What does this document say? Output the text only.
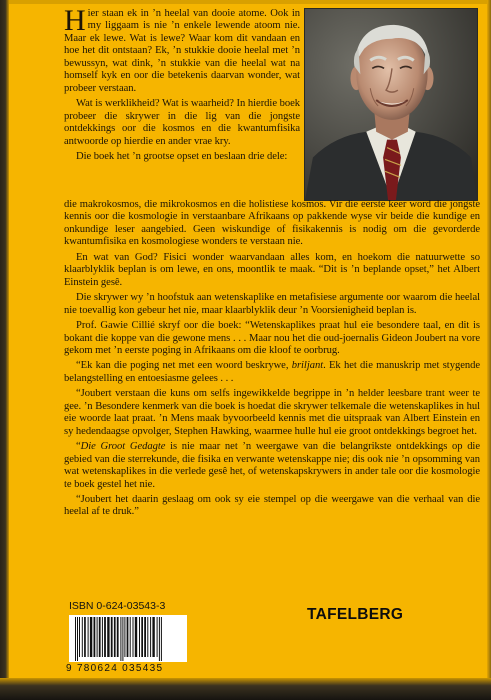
Hier staan ek in ’n heelal van dooie atome. Ook in my liggaam is nie ’n enkele lewende atoom nie. Maar ek lewe. Wat is lewe? Waar kom dit vandaan en hoe het dit ontstaan? Ek, ’n stukkie dooie heelal met ’n bewussyn, wat dink, ’n stukkie van die heelal wat na homself kyk en oor die betekenis daarvan wonder, wat probeer verstaan.

Wat is werklikheid? Wat is waarheid? In hierdie boek probeer die skrywer in die lig van die jongste ontdekkings oor die kosmos en die kwantumfisika antwoorde op hierdie en ander vrae kry.

Die boek het ’n grootse opset en beslaan drie dele:

die makrokosmos, die mikrokosmos en die holistiese kosmos. Vir die eerste keer word die jongste kennis oor die kosmologie in verstaanbare Afrikaans op pakkende wyse vir beide die kundige en onkundige leser aangebied. Geen wiskundige of fisikakennis is nodig om die gevorderde kwantumfisika en kosmologiese wonders te verstaan nie.

En wat van God? Fisici wonder waarvandaan alles kom, en hoekom die natuurwette so klaarblyklik beplan is om lewe, en ons, moontlik te maak. “Dit is ’n beplande opset,” het Albert Einstein gesê.

Die skrywer wy ’n hoofstuk aan wetenskaplike en metafisiese argumente oor waarom die heelal nie toevallig kon gebeur het nie, maar klaarblyklik deur ’n Voorsienigheid beplan is.

Prof. Gawie Cillié skryf oor die boek: “Wetenskaplikes praat hul eie besondere taal, en dit is bokant die koppe van die gewone mens . . . Maar nou het die oud-joernalis Gideon Joubert na vore gekom met ’n eerste poging in Afrikaans om die kloof te oorbrug.

“Ek kan die poging net met een woord beskrywe, briljant. Ek het die manuskrip met stygende belangstelling en entoesiasme gelees . . .

“Joubert verstaan die kuns om selfs ingewikkelde begrippe in ’n helder leesbare trant weer te gee. ’n Besondere kenmerk van die boek is hoedat die skrywer telkemale die wetenskaplikes in hul eie woorde laat praat. ’n Mens maak byvoorbeeld kennis met die uitspraak van Albert Einstein en sy hedendaagse opvolger, Stephen Hawking, waarmee hulle hul eie groot ontdekkings begroet het.

“Die Groot Gedagte is nie maar net ’n weergawe van die belangrikste ontdekkings op die gebied van die sterrekunde, die fisika en verwante wetenskappe nie; dis ook nie ’n opsomming van wat wetenskaplikes in die verlede gesê het, of wetenskapskrywers in ander tale oor die kosmologie te boek gestel het nie.

“Joubert het daarin geslaag om ook sy eie stempel op die weergawe van die verhaal van die heelal af te druk.”

ISBN 0-624-03543-3
9 780624 035435
TAFELBERG
